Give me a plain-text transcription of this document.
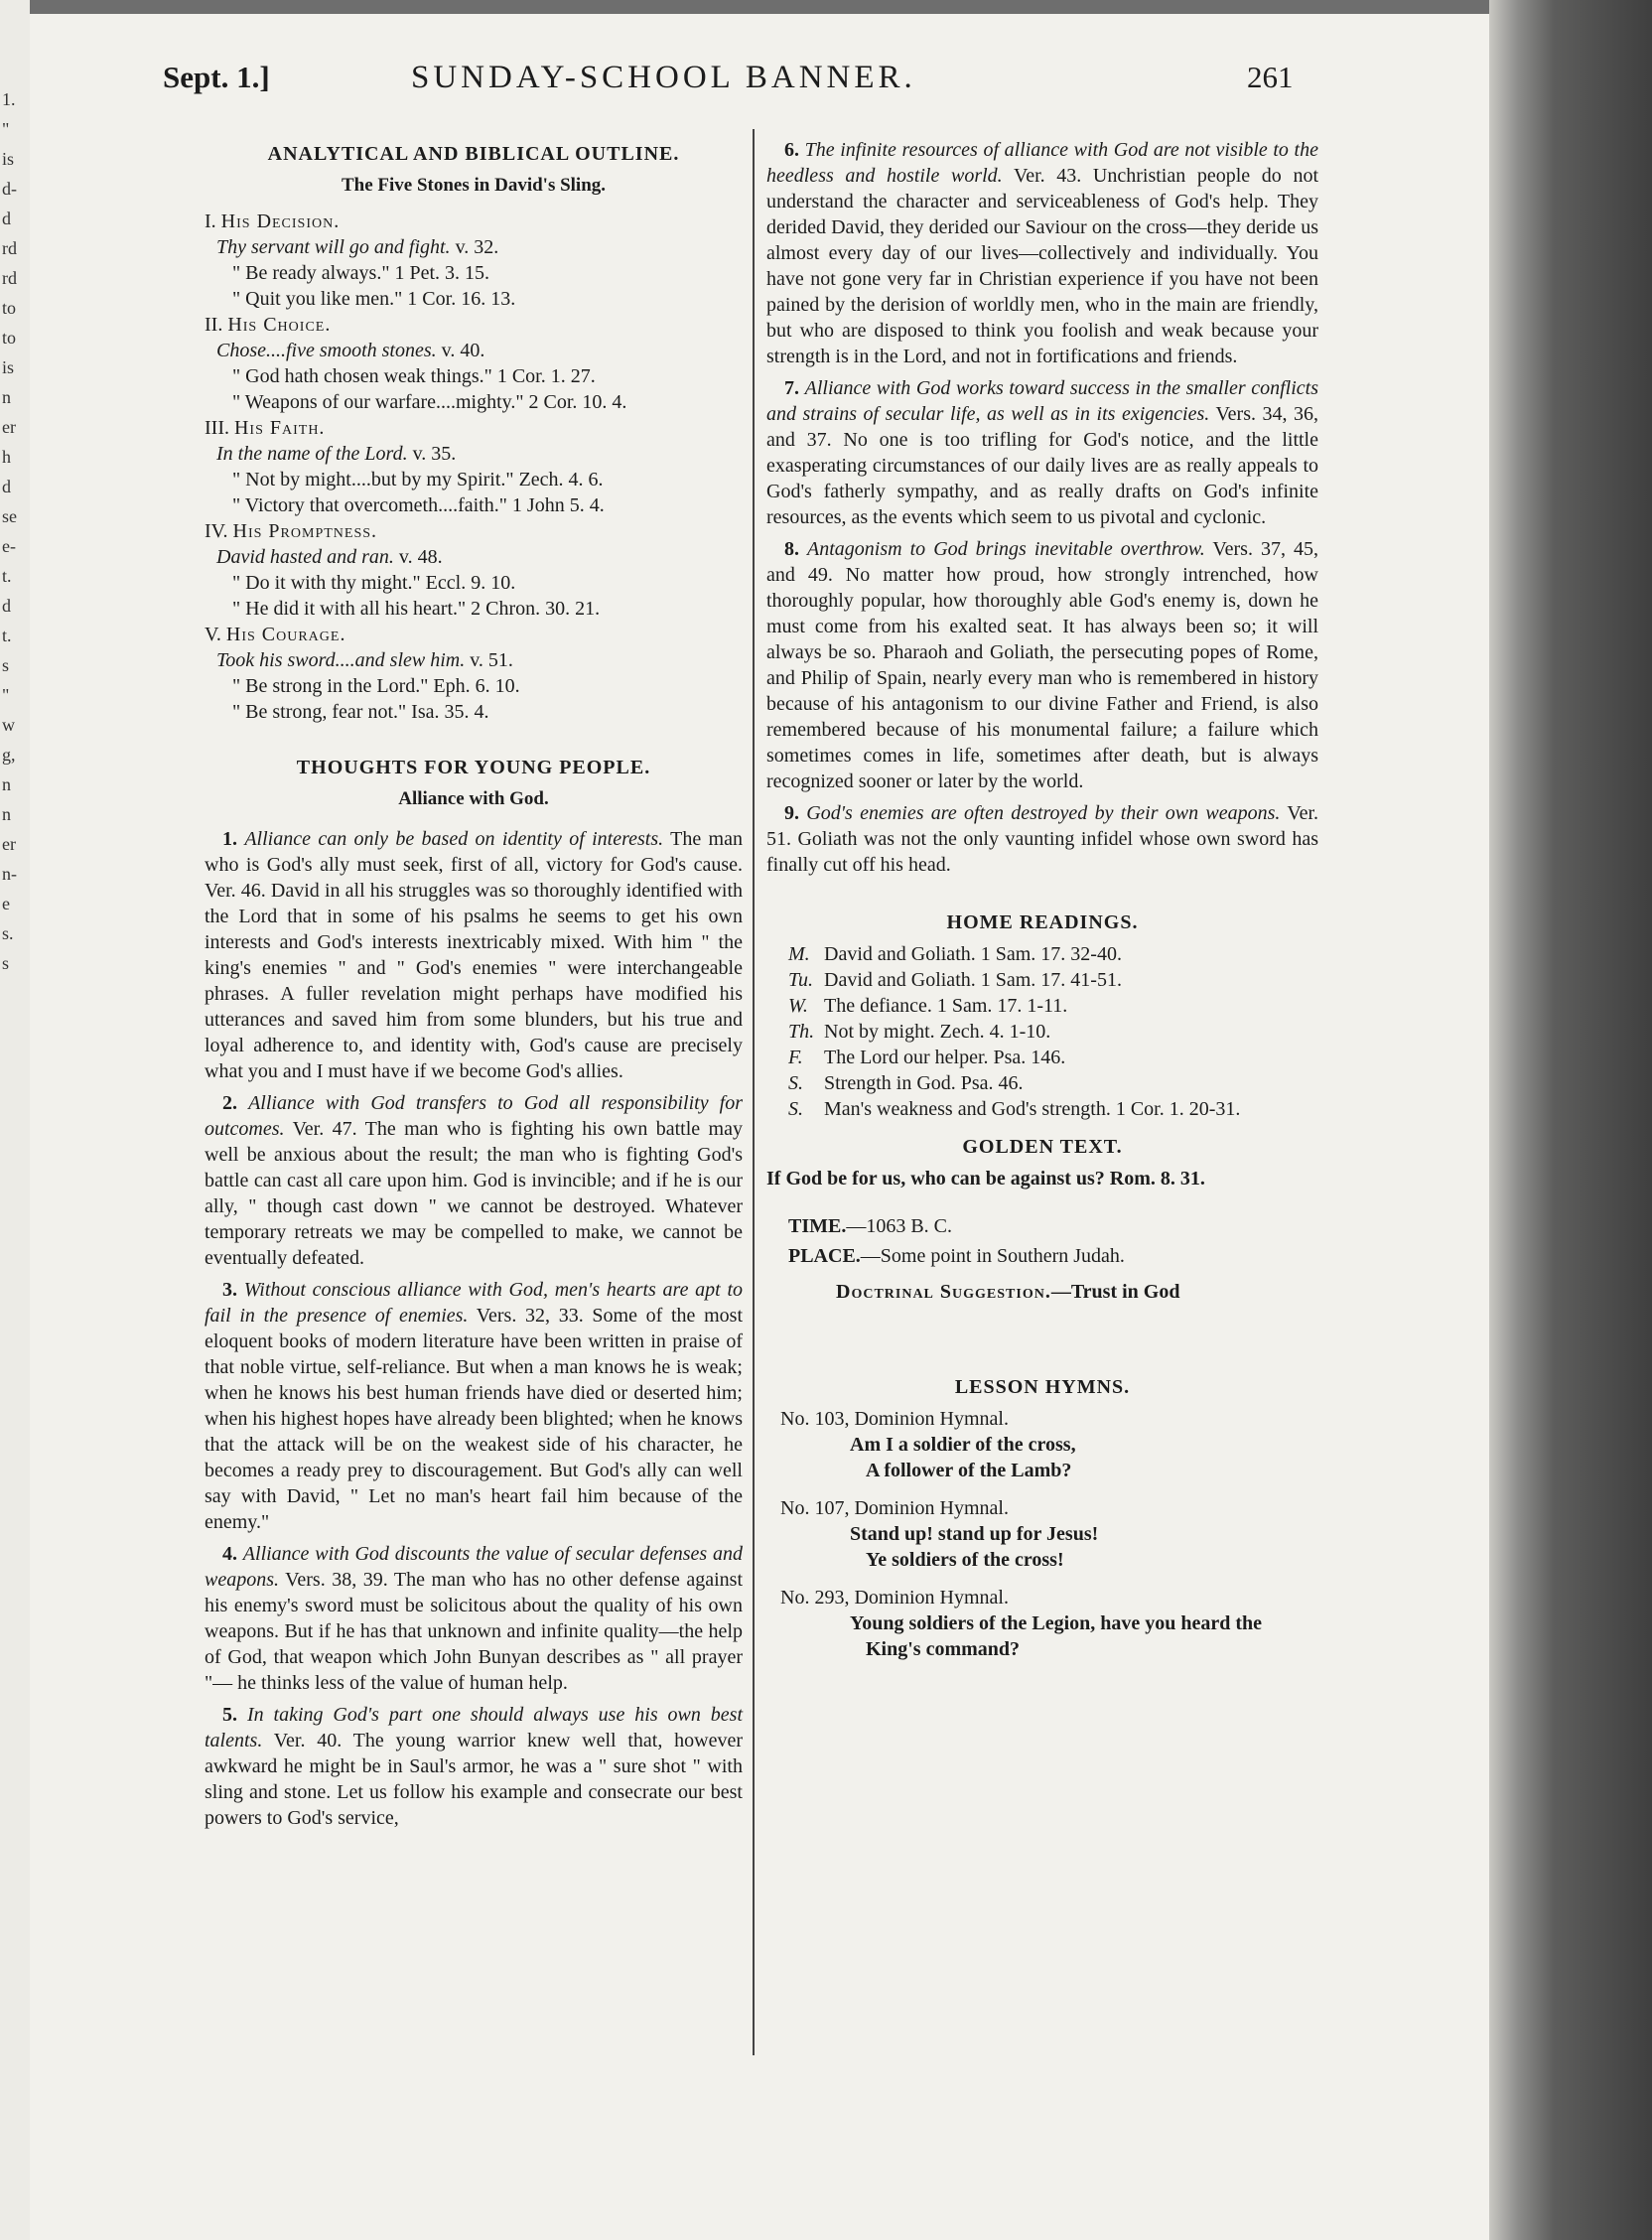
1.
"
is
d-
d
rd
rd
to
to
is
n
er
h
d
se
e-
t.
d
t.
s
"
w
g,
n
n
er
n-
e
s.
s
Sept. 1.]	SUNDAY-SCHOOL BANNER.	261
ANALYTICAL AND BIBLICAL OUTLINE.
The Five Stones in David's Sling.
I. His Decision.
Thy servant will go and fight. v. 32.
" Be ready always." 1 Pet. 3. 15.
" Quit you like men." 1 Cor. 16. 13.
II. His Choice.
Chose....five smooth stones. v. 40.
" God hath chosen weak things." 1 Cor. 1. 27.
" Weapons of our warfare....mighty." 2 Cor. 10. 4.
III. His Faith.
In the name of the Lord. v. 35.
" Not by might....but by my Spirit." Zech. 4. 6.
" Victory that overcometh....faith." 1 John 5. 4.
IV. His Promptness.
David hasted and ran. v. 48.
" Do it with thy might." Eccl. 9. 10.
" He did it with all his heart." 2 Chron. 30. 21.
V. His Courage.
Took his sword....and slew him. v. 51.
" Be strong in the Lord." Eph. 6. 10.
" Be strong, fear not." Isa. 35. 4.
THOUGHTS FOR YOUNG PEOPLE.
Alliance with God.

1. Alliance can only be based on identity of interests. The man who is God's ally must seek, first of all, victory for God's cause. Ver. 46. David in all his struggles was so thoroughly identified with the Lord that in some of his psalms he seems to get his own interests and God's interests inextricably mixed. With him " the king's enemies " and " God's enemies " were interchangeable phrases. A fuller revelation might perhaps have modified his utterances and saved him from some blunders, but his true and loyal adherence to, and identity with, God's cause are precisely what you and I must have if we become God's allies.

2. Alliance with God transfers to God all responsibility for outcomes. Ver. 47. The man who is fighting his own battle may well be anxious about the result; the man who is fighting God's battle can cast all care upon him. God is invincible; and if he is our ally, " though cast down " we cannot be destroyed. Whatever temporary retreats we may be compelled to make, we cannot be eventually defeated.

3. Without conscious alliance with God, men's hearts are apt to fail in the presence of enemies. Vers. 32, 33. Some of the most eloquent books of modern literature have been written in praise of that noble virtue, self-reliance. But when a man knows he is weak; when he knows his best human friends have died or deserted him; when his highest hopes have already been blighted; when he knows that the attack will be on the weakest side of his character, he becomes a ready prey to discouragement. But God's ally can well say with David, " Let no man's heart fail him because of the enemy."

4. Alliance with God discounts the value of secular defenses and weapons. Vers. 38, 39. The man who has no other defense against his enemy's sword must be solicitous about the quality of his own weapons. But if he has that unknown and infinite quality—the help of God, that weapon which John Bunyan describes as " all prayer "— he thinks less of the value of human help.

5. In taking God's part one should always use his own best talents. Ver. 40. The young warrior knew well that, however awkward he might be in Saul's armor, he was a " sure shot " with sling and stone. Let us follow his example and consecrate our best powers to God's service,

6. The infinite resources of alliance with God are not visible to the heedless and hostile world. Ver. 43. Unchristian people do not understand the character and serviceableness of God's help. They derided David, they derided our Saviour on the cross—they deride us almost every day of our lives—collectively and individually. You have not gone very far in Christian experience if you have not been pained by the derision of worldly men, who in the main are friendly, but who are disposed to think you foolish and weak because your strength is in the Lord, and not in fortifications and friends.

7. Alliance with God works toward success in the smaller conflicts and strains of secular life, as well as in its exigencies. Vers. 34, 36, and 37. No one is too trifling for God's notice, and the little exasperating circumstances of our daily lives are as really appeals to God's fatherly sympathy, and as really drafts on God's infinite resources, as the events which seem to us pivotal and cyclonic.

8. Antagonism to God brings inevitable overthrow. Vers. 37, 45, and 49. No matter how proud, how strongly intrenched, how thoroughly popular, how thoroughly able God's enemy is, down he must come from his exalted seat. It has always been so; it will always be so. Pharaoh and Goliath, the persecuting popes of Rome, and Philip of Spain, nearly every man who is remembered in history because of his antagonism to our divine Father and Friend, is also remembered because of his monumental failure; a failure which sometimes comes in life, sometimes after death, but is always recognized sooner or later by the world.

9. God's enemies are often destroyed by their own weapons. Ver. 51. Goliath was not the only vaunting infidel whose own sword has finally cut off his head.

HOME READINGS.
M. David and Goliath. 1 Sam. 17. 32-40.
Tu. David and Goliath. 1 Sam. 17. 41-51.
W. The defiance. 1 Sam. 17. 1-11.
Th. Not by might. Zech. 4. 1-10.
F. The Lord our helper. Psa. 146.
S. Strength in God. Psa. 46.
S. Man's weakness and God's strength. 1 Cor. 1. 20-31.
GOLDEN TEXT.

If God be for us, who can be against us? Rom. 8. 31.

TIME.—1063 B. C.
PLACE.—Some point in Southern Judah.
Doctrinal Suggestion.—Trust in God
LESSON HYMNS.
No. 103, Dominion Hymnal.
Am I a soldier of the cross,
A follower of the Lamb?
No. 107, Dominion Hymnal.
Stand up! stand up for Jesus!
Ye soldiers of the cross!
No. 293, Dominion Hymnal.
Young soldiers of the Legion, have you heard the
King's command?
